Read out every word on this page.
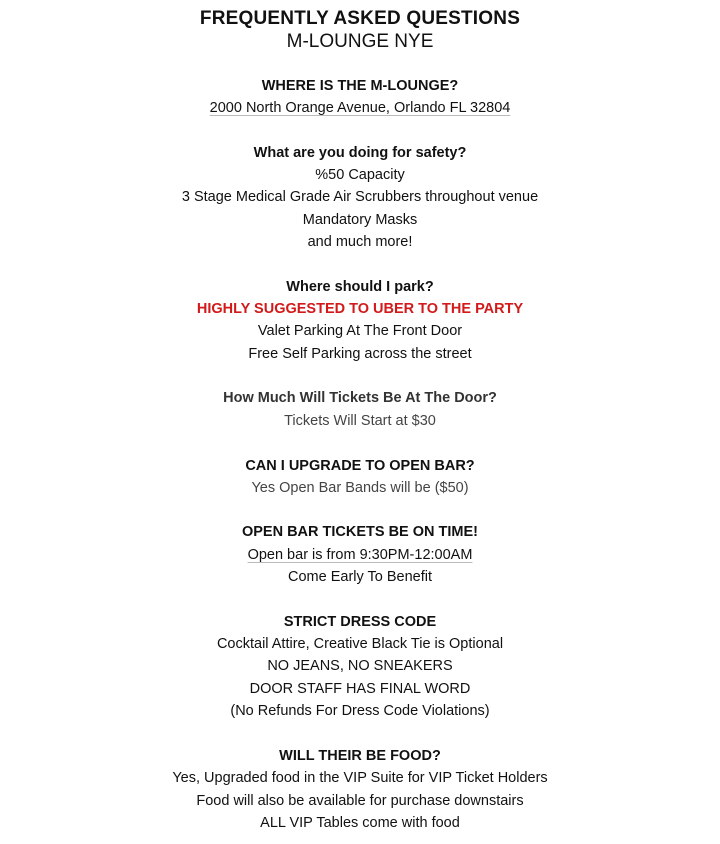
FREQUENTLY ASKED QUESTIONS
M-LOUNGE NYE
WHERE IS THE M-LOUNGE?
2000 North Orange Avenue, Orlando FL 32804
What are you doing for safety?
%50 Capacity
3 Stage Medical Grade Air Scrubbers throughout venue
Mandatory Masks
and much more!
Where should I park?
HIGHLY SUGGESTED TO UBER TO THE PARTY
Valet Parking At The Front Door
Free Self Parking across the street
How Much Will Tickets Be At The Door?
Tickets Will Start at $30
CAN I UPGRADE TO OPEN BAR?
Yes Open Bar Bands will be ($50)
OPEN BAR TICKETS BE ON TIME!
Open bar is from 9:30PM-12:00AM
Come Early To Benefit
STRICT DRESS CODE
Cocktail Attire, Creative Black Tie is Optional
NO JEANS, NO SNEAKERS
DOOR STAFF HAS FINAL WORD
(No Refunds For Dress Code Violations)
WILL THEIR BE FOOD?
Yes, Upgraded food in the VIP Suite for VIP Ticket Holders
Food will also be available for purchase downstairs
ALL VIP Tables come with food
